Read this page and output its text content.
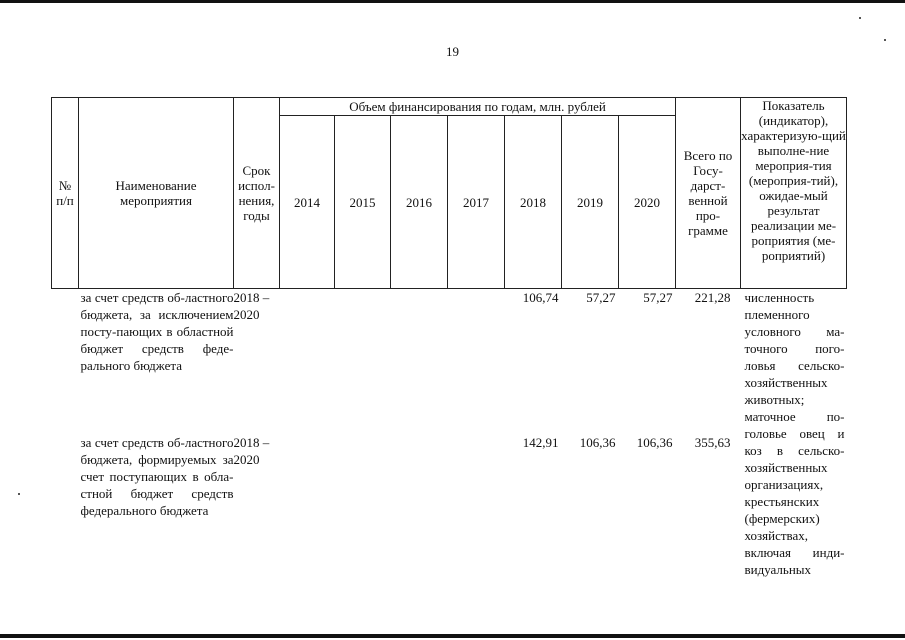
19
№ п/п	Наименование мероприятия	Срок испол-нения, годы	Объем финансирования по годам, млн. рублей							Всего по Госу-дарст-венной про-грамме	Показатель (индикатор), характеризую-щий выполне-ние мероприя-тия (мероприя-тий), ожидае-мый результат реализации ме-роприятия (ме-роприятий)
			2014	2015	2016	2017	2018	2019	2020		
	за счет средств об-ластного бюджета, за исключением посту-пающих в областной бюджет средств феде-рального бюджета	2018 – 2020					106,74	57,27	57,27	221,28	численность племенного условного ма-точного пого-ловья сельско-хозяйственных животных; маточное по-головье овец и коз в сельско-хозяйственных организациях, крестьянских (фермерских) хозяйствах, включая инди-видуальных
	за счет средств об-ластного бюджета, формируемых за счет поступающих в обла-стной бюджет средств федерального бюджета	2018 – 2020					142,91	106,36	106,36	355,63	
